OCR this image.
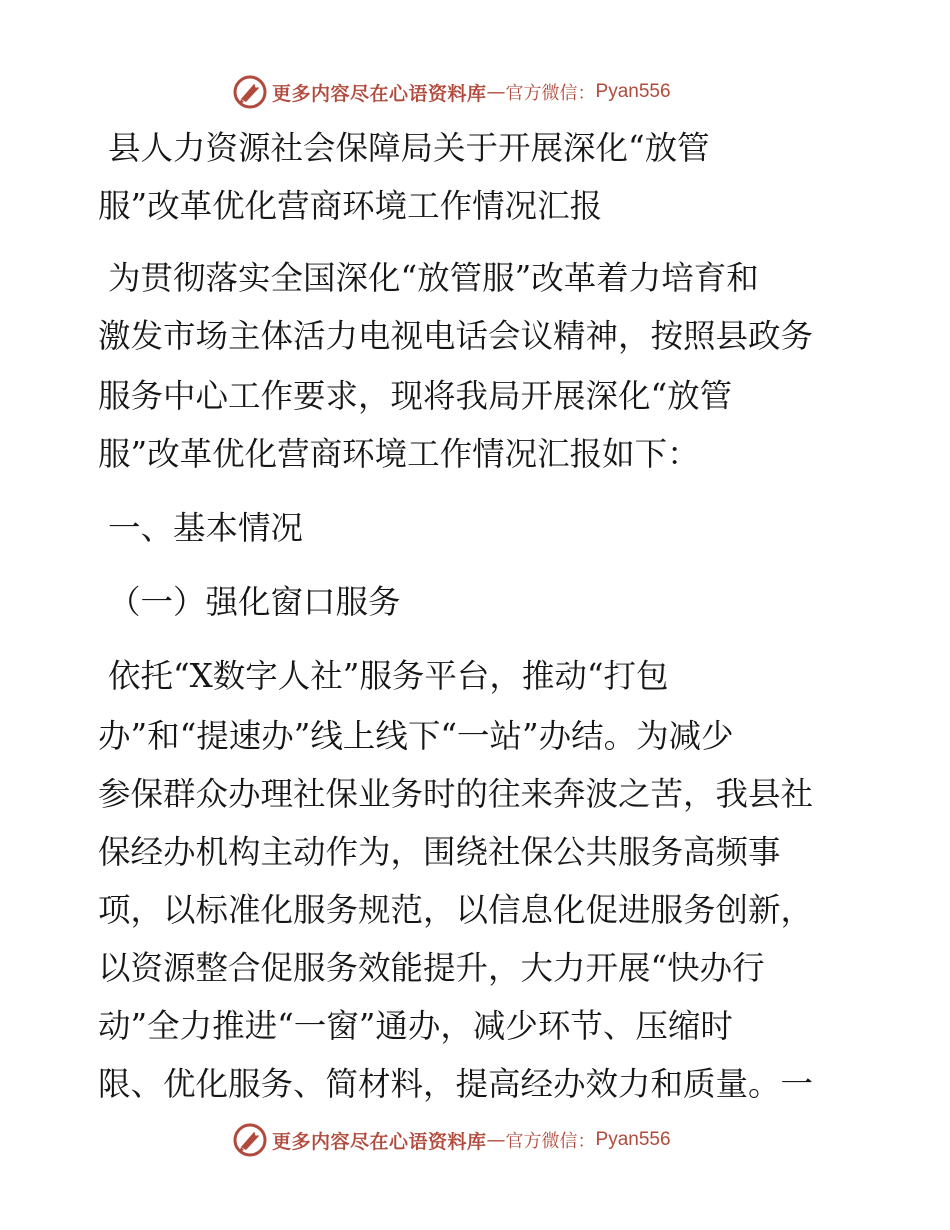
更多内容尽在心语资料库 — 官方微信： Pyan556
县人力资源社会保障局关于开展深化“放管
服”改革优化营商环境工作情况汇报
为贯彻落实全国深化“放管服”改革着力培育和
激发市场主体活力电视电话会议精神，按照县政务
服务中心工作要求，现将我局开展深化“放管
服”改革优化营商环境工作情况汇报如下：
一、基本情况
（一）强化窗口服务
依托“X数字人社”服务平台，推动“打包
办”和“提速办”线上线下“一站”办结。为减少
参保群众办理社保业务时的往来奔波之苦，我县社
保经办机构主动作为，围绕社保公共服务高频事
项，以标准化服务规范，以信息化促进服务创新，
以资源整合促服务效能提升，大力开展“快办行
动”全力推进“一窗”通办，减少环节、压缩时
限、优化服务、简材料，提高经办效力和质量。一
更多内容尽在心语资料库 — 官方微信： Pyan556
